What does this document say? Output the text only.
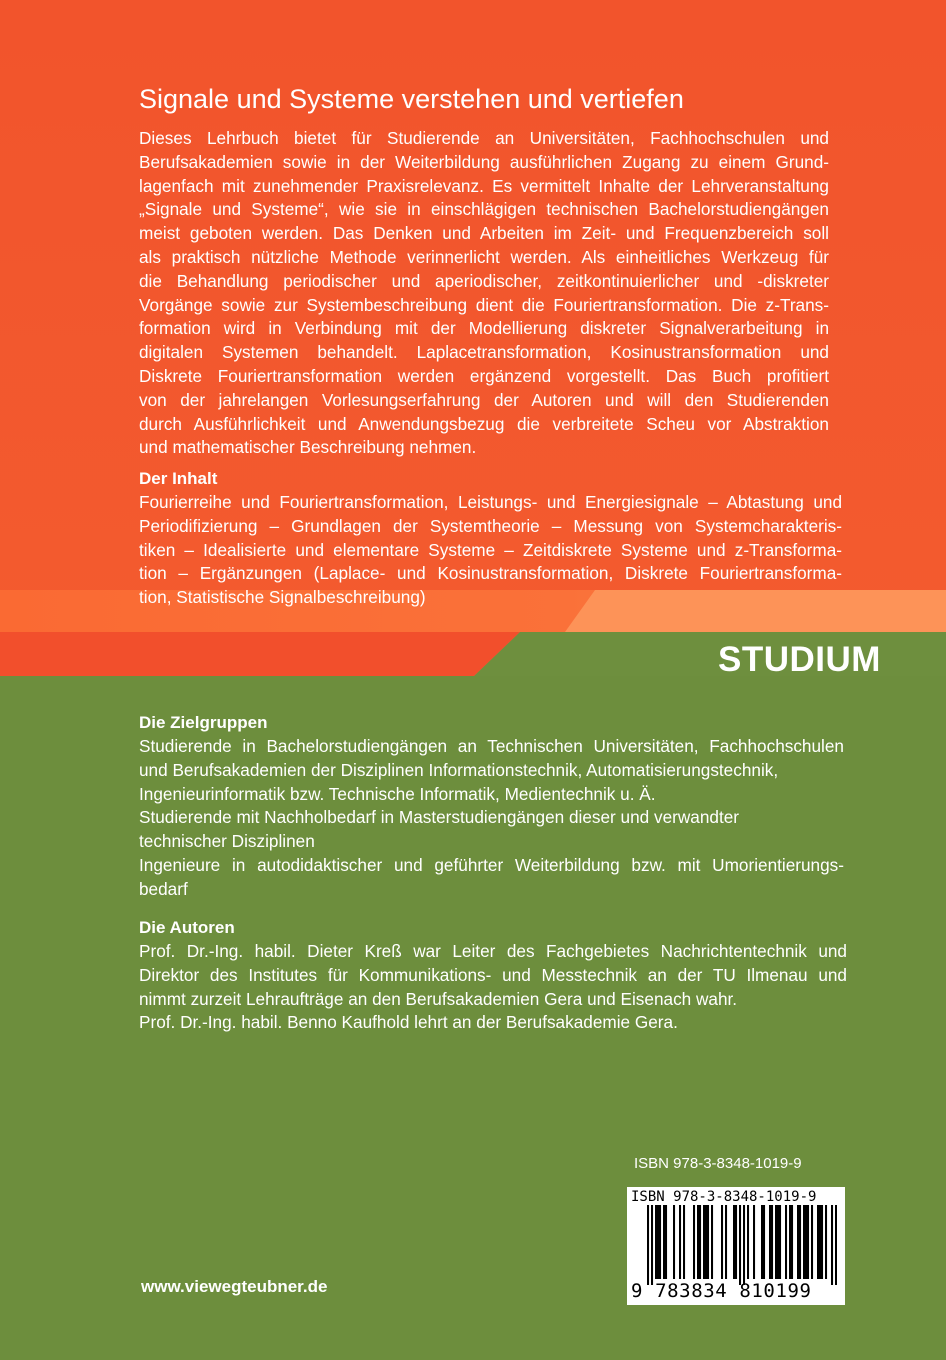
Signale und Systeme verstehen und vertiefen
Dieses Lehrbuch bietet für Studierende an Universitäten, Fachhochschulen und
Berufsakademien sowie in der Weiterbildung ausführlichen Zugang zu einem Grund-
lagenfach mit zunehmender Praxisrelevanz. Es vermittelt Inhalte der Lehrveranstaltung
„Signale und Systeme“, wie sie in einschlägigen technischen Bachelorstudiengängen
meist geboten werden. Das Denken und Arbeiten im Zeit- und Frequenzbereich soll
als praktisch nützliche Methode verinnerlicht werden. Als einheitliches Werkzeug für
die Behandlung periodischer und aperiodischer, zeitkontinuierlicher und -diskreter
Vorgänge sowie zur Systembeschreibung dient die Fouriertransformation. Die z-Trans-
formation wird in Verbindung mit der Modellierung diskreter Signalverarbeitung in
digitalen Systemen behandelt. Laplacetransformation, Kosinustransformation und
Diskrete Fouriertransformation werden ergänzend vorgestellt. Das Buch profitiert
von der jahrelangen Vorlesungserfahrung der Autoren und will den Studierenden
durch Ausführlichkeit und Anwendungsbezug die verbreitete Scheu vor Abstraktion
und mathematischer Beschreibung nehmen.
Der Inhalt
Fourierreihe und Fouriertransformation, Leistungs- und Energiesignale – Abtastung und
Periodifizierung – Grundlagen der Systemtheorie – Messung von Systemcharakteris-
tiken – Idealisierte und elementare Systeme – Zeitdiskrete Systeme und z-Transforma-
tion – Ergänzungen (Laplace- und Kosinustransformation, Diskrete Fouriertransforma-
tion, Statistische Signalbeschreibung)
STUDIUM
Die Zielgruppen
Studierende in Bachelorstudiengängen an Technischen Universitäten, Fachhochschulen
und Berufsakademien der Disziplinen Informationstechnik, Automatisierungstechnik,
Ingenieurinformatik bzw. Technische Informatik, Medientechnik u. Ä.
Studierende mit Nachholbedarf in Masterstudiengängen dieser und verwandter
technischer Disziplinen
Ingenieure in autodidaktischer und geführter Weiterbildung bzw. mit Umorientierungs-
bedarf
Die Autoren
Prof. Dr.-Ing. habil. Dieter Kreß war Leiter des Fachgebietes Nachrichtentechnik und
Direktor des Institutes für Kommunikations- und Messtechnik an der TU Ilmenau und
nimmt zurzeit Lehraufträge an den Berufsakademien Gera und Eisenach wahr.
Prof. Dr.-Ing. habil. Benno Kaufhold lehrt an der Berufsakademie Gera.
ISBN 978-3-8348-1019-9
ISBN 978-3-8348-1019-9
9 783834 810199
www.viewegteubner.de
